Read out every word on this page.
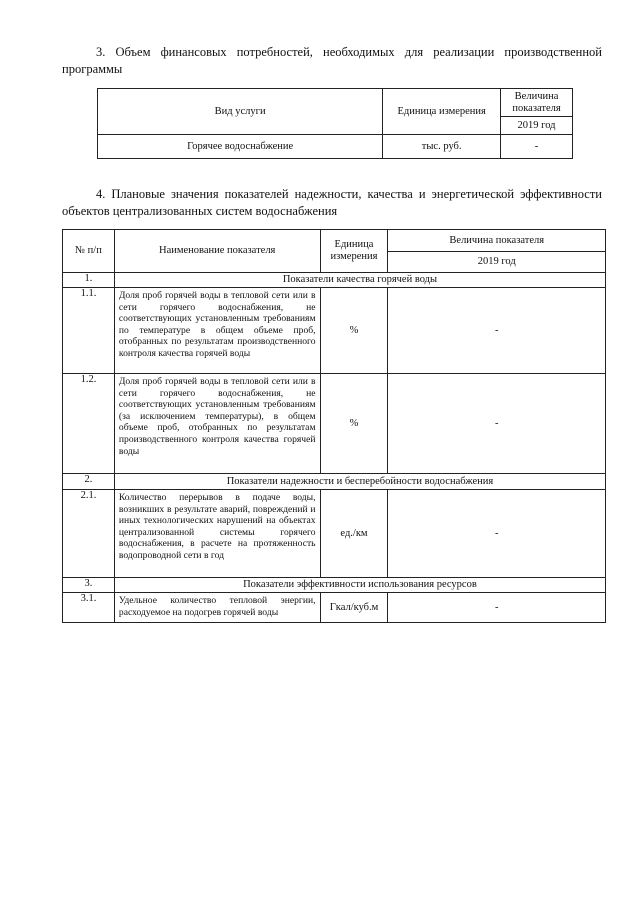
3. Объем финансовых потребностей, необходимых для реализации производственной программы
Вид услуги	Единица измерения	Величина показателя
		2019 год
Горячее водоснабжение	тыс. руб.	-
4. Плановые значения показателей надежности, качества и энергетической эффективности объектов централизованных систем водоснабжения
№ п/п	Наименование показателя	Единица измерения	Величина показателя
			2019 год
1.	Показатели качества горячей воды		
1.1.	Доля проб горячей воды в тепловой сети или в сети горячего водоснабжения, не соответствующих установленным требованиям по температуре в общем объеме проб, отобранных по результатам производственного контроля качества горячей воды	%	-
1.2.	Доля проб горячей воды в тепловой сети или в сети горячего водоснабжения, не соответствующих установленным требованиям (за исключением температуры), в общем объеме проб, отобранных по результатам производственного контроля качества горячей воды	%	-
2.	Показатели надежности и бесперебойности водоснабжения		
2.1.	Количество перерывов в подаче воды, возникших в результате аварий, повреждений и иных технологических нарушений на объектах централизованной системы горячего водоснабжения, в расчете на протяженность водопроводной сети в год	ед./км	-
3.	Показатели эффективности использования ресурсов		
3.1.	Удельное количество тепловой энергии, расходуемое на подогрев горячей воды	Гкал/куб.м	-
